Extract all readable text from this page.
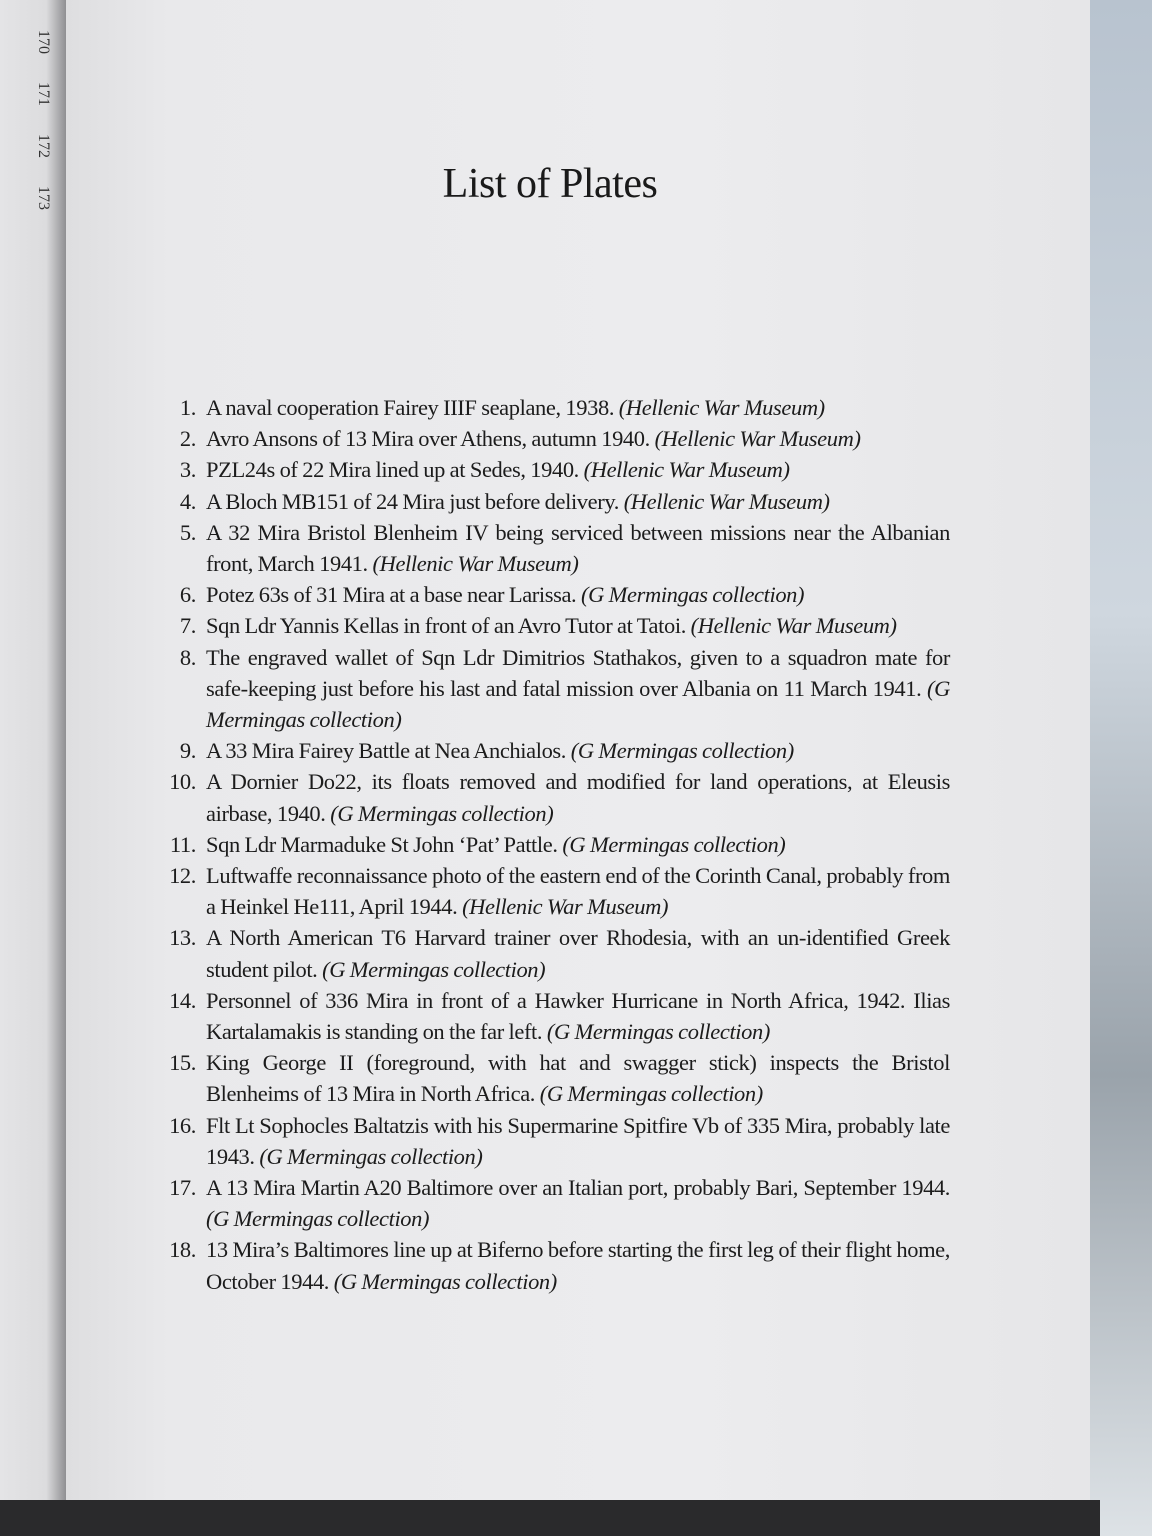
170
171
172
173	List of Plates
1. A naval cooperation Fairey IIIF seaplane, 1938. (Hellenic War Museum)
2. Avro Ansons of 13 Mira over Athens, autumn 1940. (Hellenic War Museum)
3. PZL24s of 22 Mira lined up at Sedes, 1940. (Hellenic War Museum)
4. A Bloch MB151 of 24 Mira just before delivery. (Hellenic War Museum)
5. A 32 Mira Bristol Blenheim IV being serviced between missions near the Albanian front, March 1941. (Hellenic War Museum)
6. Potez 63s of 31 Mira at a base near Larissa. (G Mermingas collection)
7. Sqn Ldr Yannis Kellas in front of an Avro Tutor at Tatoi. (Hellenic War Museum)
8. The engraved wallet of Sqn Ldr Dimitrios Stathakos, given to a squadron mate for safe-keeping just before his last and fatal mission over Albania on 11 March 1941. (G Mermingas collection)
9. A 33 Mira Fairey Battle at Nea Anchialos. (G Mermingas collection)
10. A Dornier Do22, its floats removed and modified for land operations, at Eleusis airbase, 1940. (G Mermingas collection)
11. Sqn Ldr Marmaduke St John ‘Pat’ Pattle. (G Mermingas collection)
12. Luftwaffe reconnaissance photo of the eastern end of the Corinth Canal, probably from a Heinkel He111, April 1944. (Hellenic War Museum)
13. A North American T6 Harvard trainer over Rhodesia, with an un-identified Greek student pilot. (G Mermingas collection)
14. Personnel of 336 Mira in front of a Hawker Hurricane in North Africa, 1942. Ilias Kartalamakis is standing on the far left. (G Mermingas collection)
15. King George II (foreground, with hat and swagger stick) inspects the Bristol Blenheims of 13 Mira in North Africa. (G Mermingas collection)
16. Flt Lt Sophocles Baltatzis with his Supermarine Spitfire Vb of 335 Mira, probably late 1943. (G Mermingas collection)
17. A 13 Mira Martin A20 Baltimore over an Italian port, probably Bari, September 1944. (G Mermingas collection)
18. 13 Mira’s Baltimores line up at Biferno before starting the first leg of their flight home, October 1944. (G Mermingas collection)
